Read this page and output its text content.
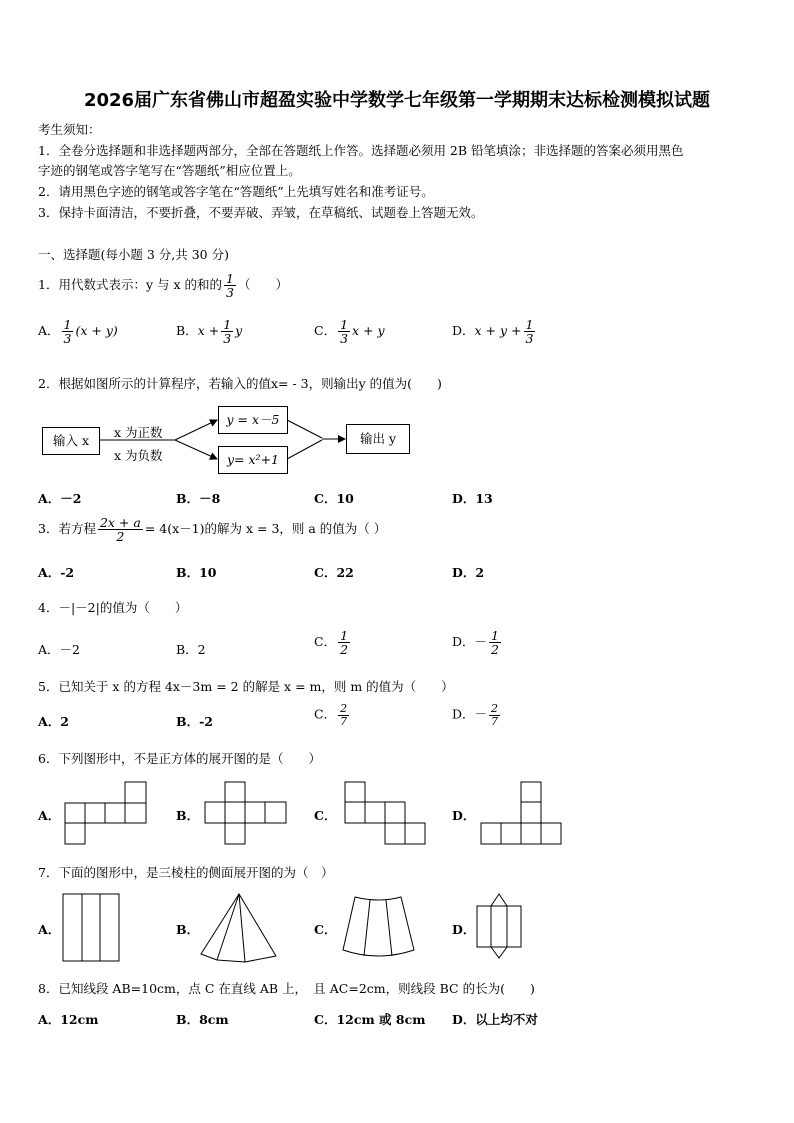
2026届广东省佛山市超盈实验中学数学七年级第一学期期末达标检测模拟试题
考生须知：
1．全卷分选择题和非选择题两部分，全部在答题纸上作答。选择题必须用 2B 铅笔填涂；非选择题的答案必须用黑色
字迹的钢笔或答字笔写在“答题纸”相应位置上。
2．请用黑色字迹的钢笔或答字笔在“答题纸”上先填写姓名和准考证号。
3．保持卡面清洁，不要折叠，不要弄破、弄皱，在草稿纸、试题卷上答题无效。
一、选择题(每小题 3 分,共 30 分)
1．用代数式表示：y 与 x 的和的 $\frac{1}{3}$ （　　）
A． $\frac{1}{3} (x + y)$	B．$x + \frac{1}{3}$ y	C． $\frac{1}{3}$ x + y	D．$x + y + \frac{1}{3}$
2．根据如图所示的计算程序，若输入的值x= - 3，则输出y 的值为(　　)
输入 x
x 为正数
x 为负数
y = x－5
y= x²+1
输出 y
A．－2	B．－8	C．10	D．13
3．若方程 $\frac{2x + a}{2} = 4(x-1)$的解为 x = 3，则 a 的值为（ ）
A．-2	B．10	C．22	D．2
4．－|－2|的值为（　　）
A．－2	B．2
C． $\frac{1}{2}$	D．－ $\frac{1}{2}$
5．已知关于 x 的方程 4x－3m = 2 的解是 x = m，则 m 的值为（　　）
A．2	B．-2	C． $\frac{2}{7}$	D．－ $\frac{2}{7}$
6．下列图形中，不是正方体的展开图的是（　　）
A．	B．	C．	D．
7．下面的图形中，是三棱柱的侧面展开图的为（　）
A．	B．	C．	D．
8．已知线段 AB=10cm，点 C 在直线 AB 上，　且 AC=2cm，则线段 BC 的长为(　　)
A．12cm	B．8cm	C．12cm 或 8cm D．以上均不对
